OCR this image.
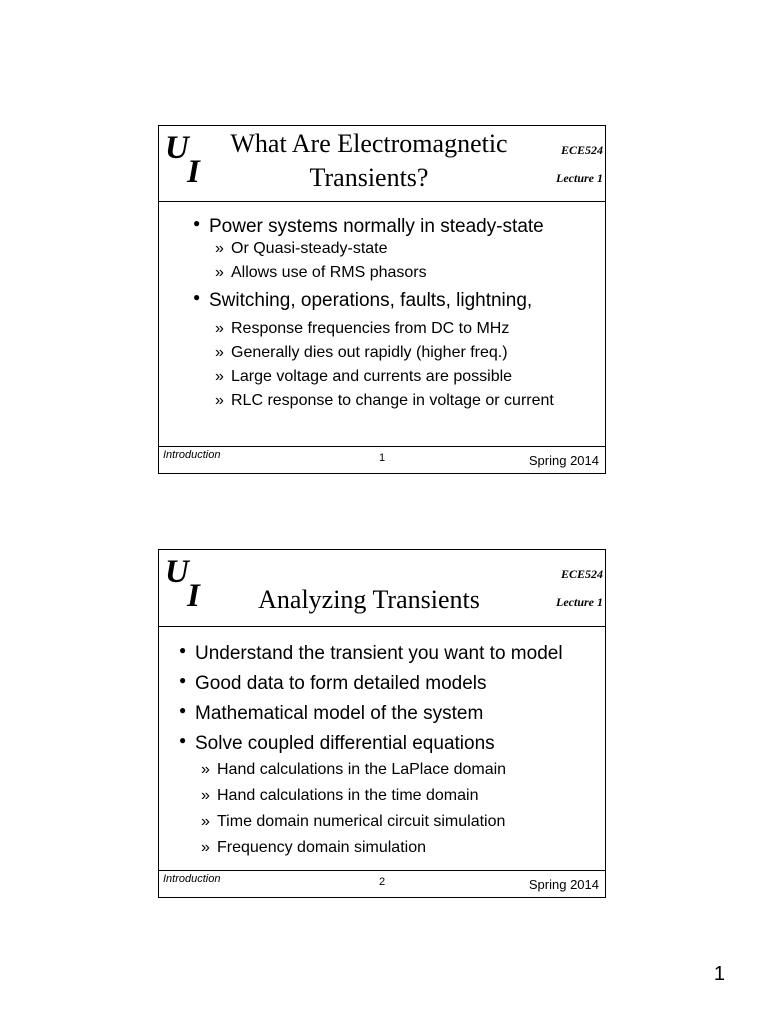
U
I
What Are Electromagnetic
Transients?
ECE524
Lecture 1
● Power systems normally in steady-state
» Or Quasi-steady-state
» Allows use of RMS phasors
● Switching, operations, faults, lightning,
» Response frequencies from DC to MHz
» Generally dies out rapidly (higher freq.)
» Large voltage and currents are possible
» RLC response to change in voltage or current
Introduction	1	Spring 2014
U
I	Analyzing Transients
ECE524
Lecture 1
● Understand the transient you want to model
● Good data to form detailed models
● Mathematical model of the system
● Solve coupled differential equations
» Hand calculations in the LaPlace domain
» Hand calculations in the time domain
» Time domain numerical circuit simulation
» Frequency domain simulation
Introduction	2	Spring 2014
1
